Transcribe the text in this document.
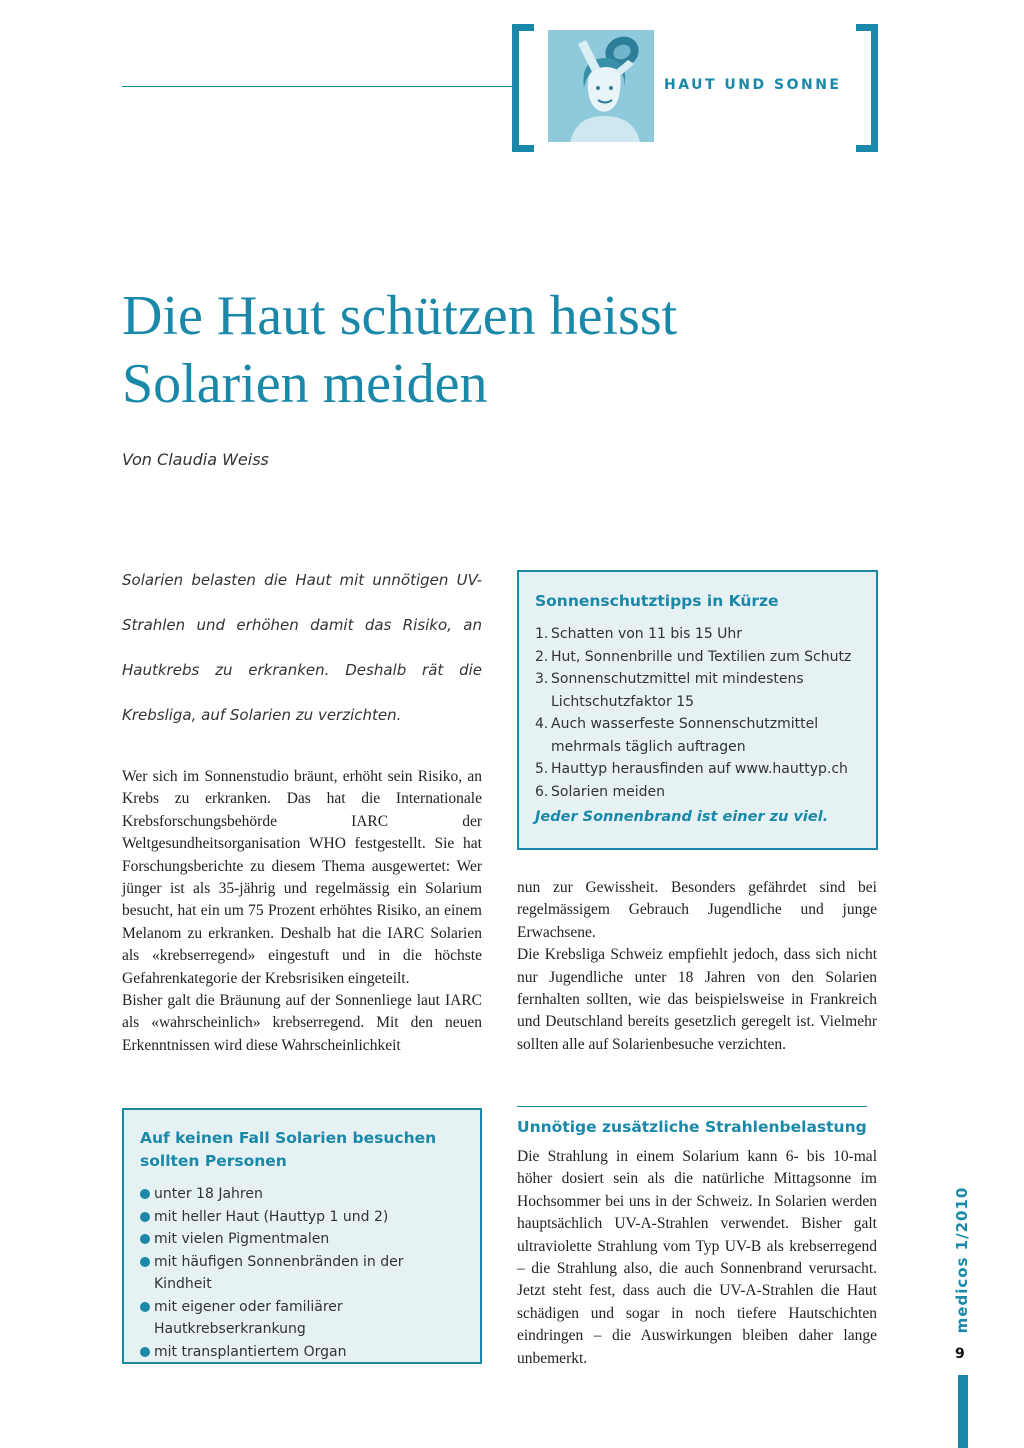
HAUT UND SONNE
Die Haut schützen heisst
Solarien meiden
Von Claudia Weiss

Solarien belasten die Haut mit unnötigen UV-Strahlen und erhöhen damit das Risiko, an Hautkrebs zu erkranken. Deshalb rät die Krebsliga, auf Solarien zu verzichten.

Wer sich im Sonnenstudio bräunt, erhöht sein Risiko, an Krebs zu erkranken. Das hat die Internationale Krebsforschungsbehörde IARC der Weltgesundheitsorganisation WHO festgestellt. Sie hat Forschungsberichte zu diesem Thema ausgewertet: Wer jünger ist als 35-jährig und regelmässig ein Solarium besucht, hat ein um 75 Prozent erhöhtes Risiko, an einem Melanom zu erkranken. Deshalb hat die IARC Solarien als «krebserregend» eingestuft und in die höchste Gefahrenkategorie der Krebsrisiken eingeteilt.

Bisher galt die Bräunung auf der Sonnenliege laut IARC als «wahrscheinlich» krebserregend. Mit den neuen Erkenntnissen wird diese Wahrscheinlichkeit

Sonnenschutztipps in Kürze
1. Schatten von 11 bis 15 Uhr
2. Hut, Sonnenbrille und Textilien zum Schutz
3. Sonnenschutzmittel mit mindestens Lichtschutzfaktor 15
4. Auch wasserfeste Sonnenschutzmittel mehrmals täglich auftragen
5. Hauttyp herausfinden auf www.hauttyp.ch
6. Solarien meiden
Jeder Sonnenbrand ist einer zu viel.

nun zur Gewissheit. Besonders gefährdet sind bei regelmässigem Gebrauch Jugendliche und junge Erwachsene.

Die Krebsliga Schweiz empfiehlt jedoch, dass sich nicht nur Jugendliche unter 18 Jahren von den Solarien fernhalten sollten, wie das beispielsweise in Frankreich und Deutschland bereits gesetzlich geregelt ist. Vielmehr sollten alle auf Solarienbesuche verzichten.

Auf keinen Fall Solarien besuchen sollten Personen
unter 18 Jahren
mit heller Haut (Hauttyp 1 und 2)
mit vielen Pigmentmalen
mit häufigen Sonnenbränden in der Kindheit
mit eigener oder familiärer Hautkrebserkrankung
mit transplantiertem Organ
Unnötige zusätzliche Strahlenbelastung

Die Strahlung in einem Solarium kann 6- bis 10-mal höher dosiert sein als die natürliche Mittagsonne im Hochsommer bei uns in der Schweiz. In Solarien werden hauptsächlich UV-A-Strahlen verwendet. Bisher galt ultraviolette Strahlung vom Typ UV-B als krebserregend – die Strahlung also, die auch Sonnenbrand verursacht. Jetzt steht fest, dass auch die UV-A-Strahlen die Haut schädigen und sogar in noch tiefere Hautschichten eindringen – die Auswirkungen bleiben daher lange unbemerkt.

medicos 1/2010
9
